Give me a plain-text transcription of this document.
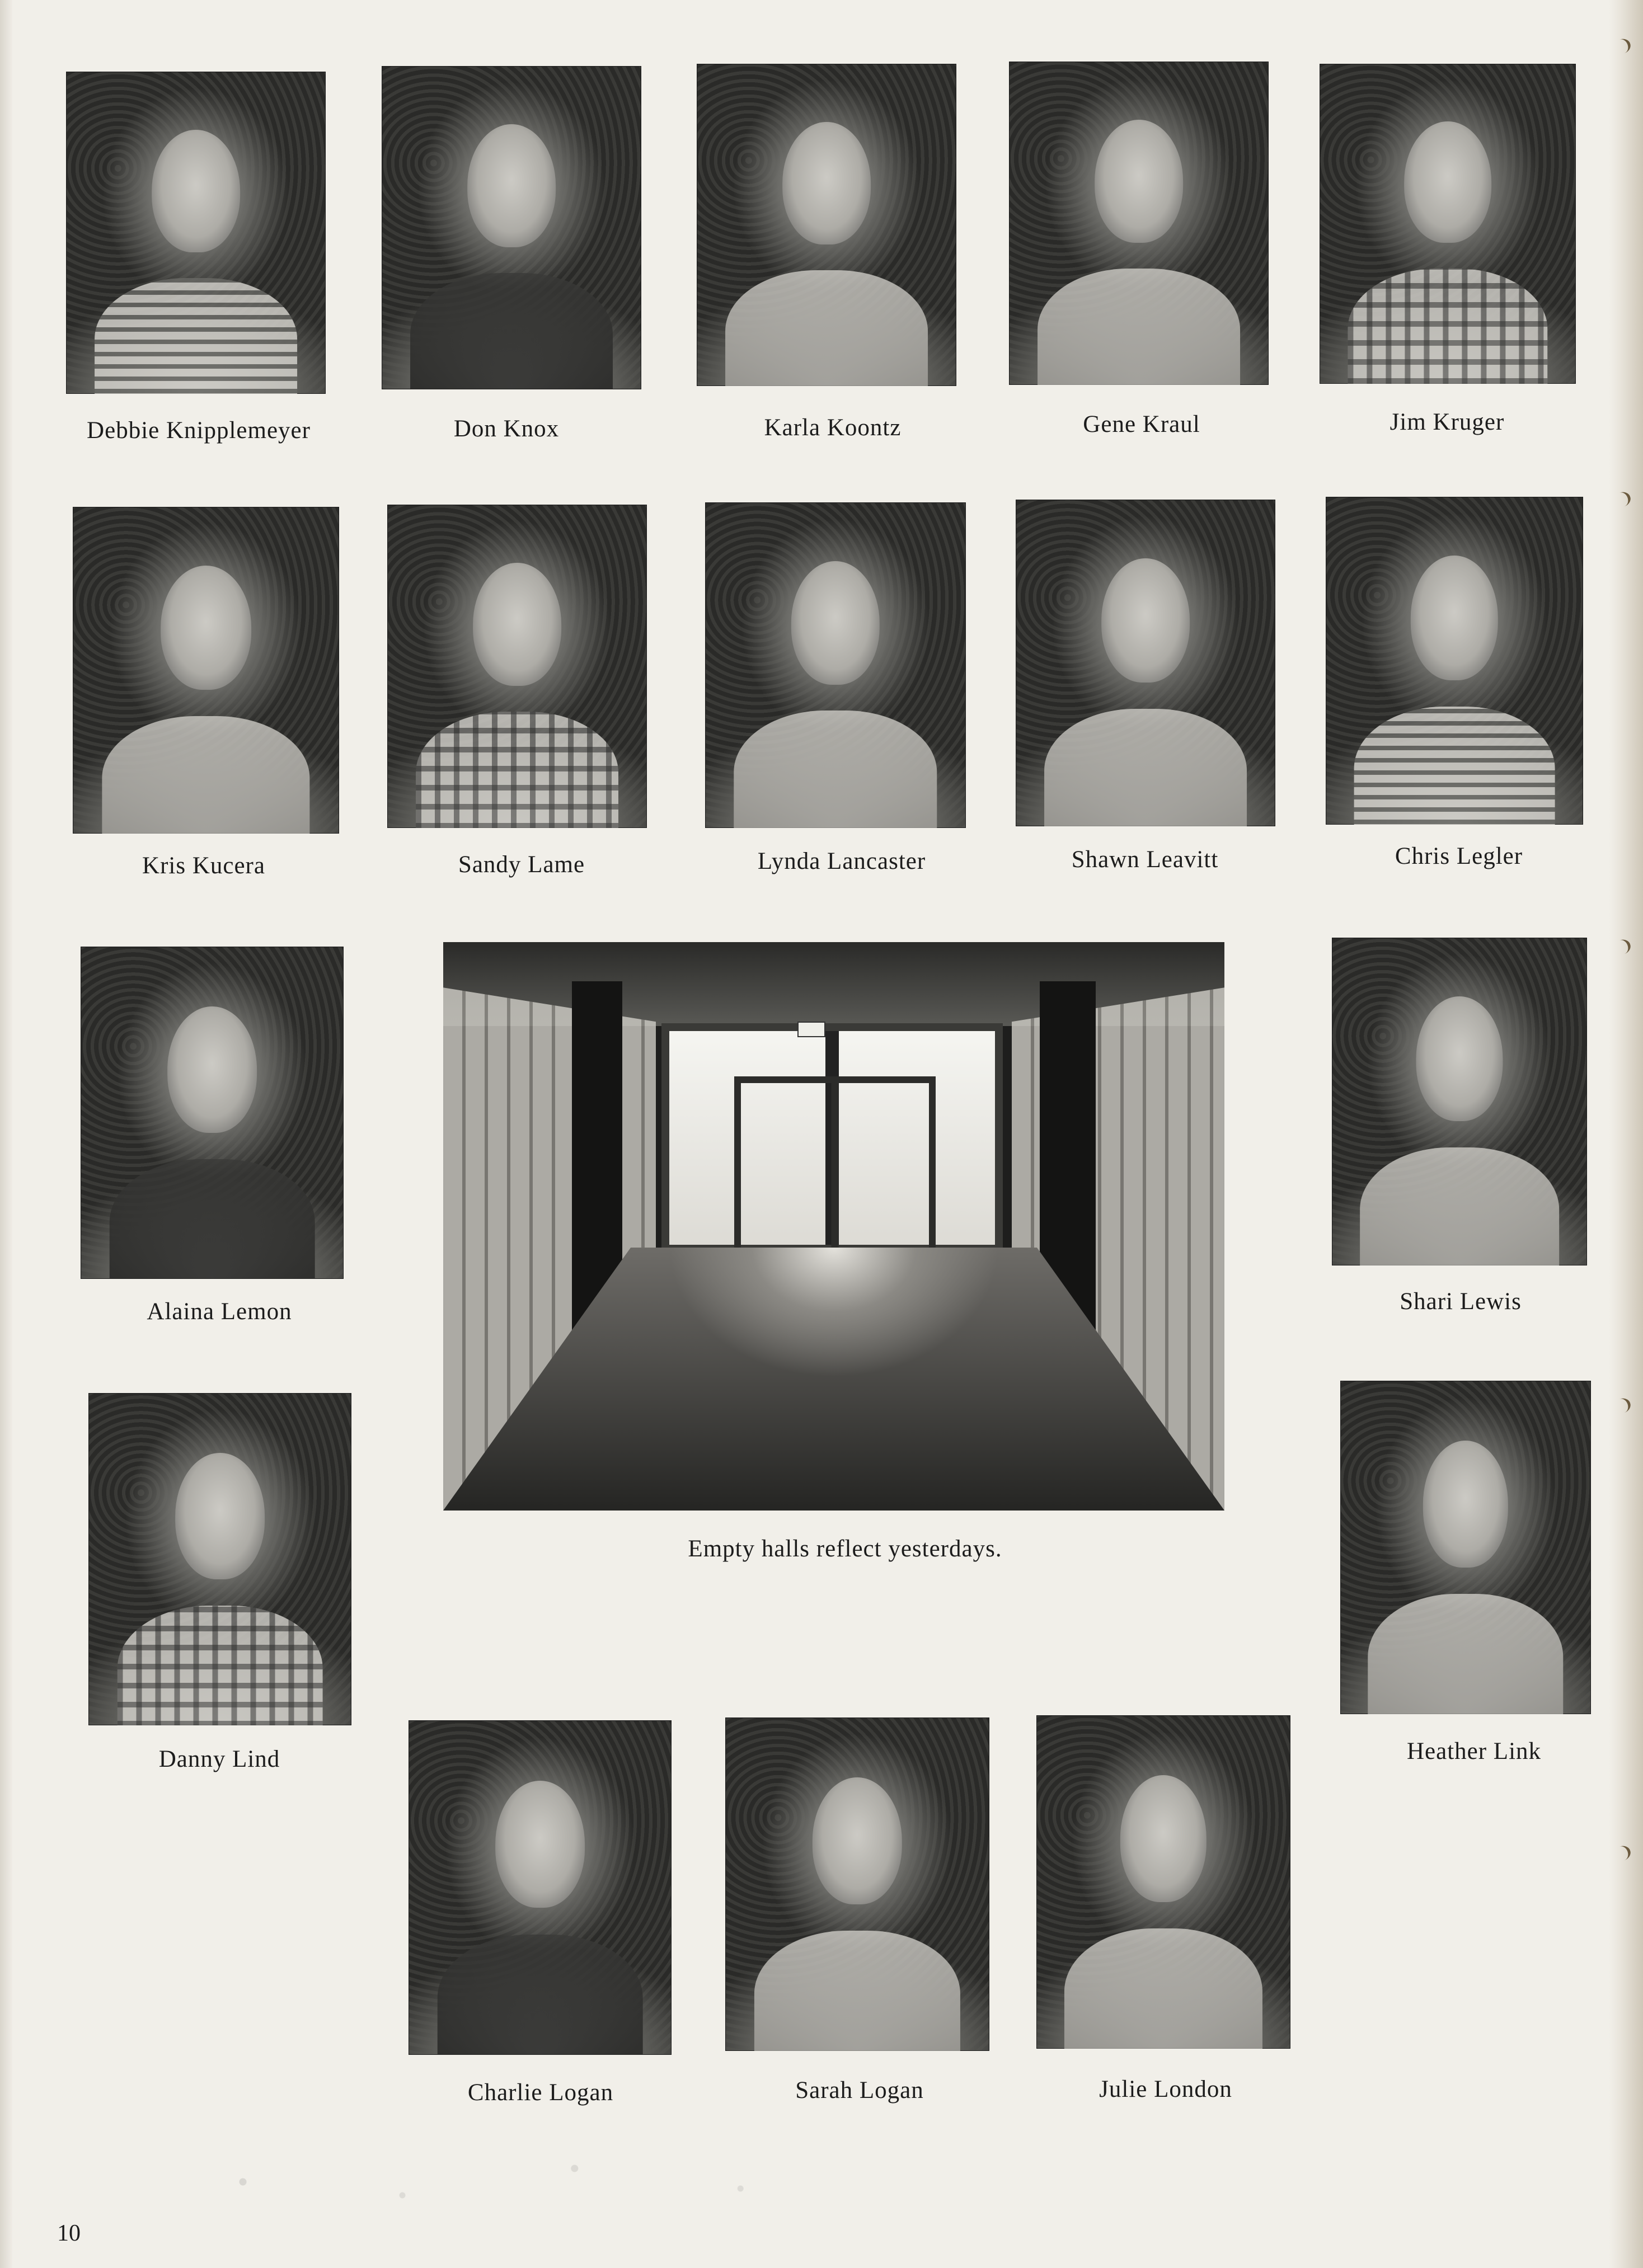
Debbie Knipplemeyer	Don Knox	Karla Koontz	Gene Kraul	Jim Kruger
Kris Kucera	Sandy Lame	Lynda Lancaster	Shawn Leavitt	Chris Legler
Alaina Lemon
Empty halls reflect yesterdays.
Shari Lewis
Danny Lind	Heather Link
Charlie Logan	Sarah Logan	Julie London
10
